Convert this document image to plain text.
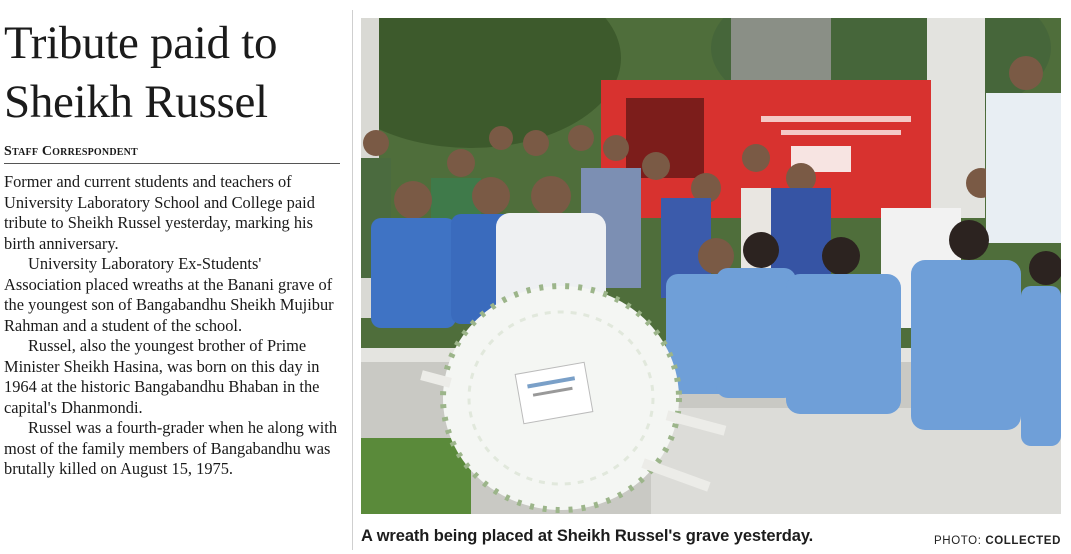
Tribute paid to
Sheikh Russel
Staff Correspondent

Former and current students and teachers of University Laboratory School and College paid tribute to Sheikh Russel yesterday, marking his birth anniversary.

University Laboratory Ex-Students' Association placed wreaths at the Banani grave of the youngest son of Bangabandhu Sheikh Mujibur Rahman and a student of the school.

Russel, also the youngest brother of Prime Minister Sheikh Hasina, was born on this day in 1964 at the historic Bangabandhu Bhaban in the capital's Dhanmondi.

Russel was a fourth-grader when he along with most of the family members of Bangabandhu was brutally killed on August 15, 1975.

A wreath being placed at Sheikh Russel's grave yesterday.	PHOTO: COLLECTED
